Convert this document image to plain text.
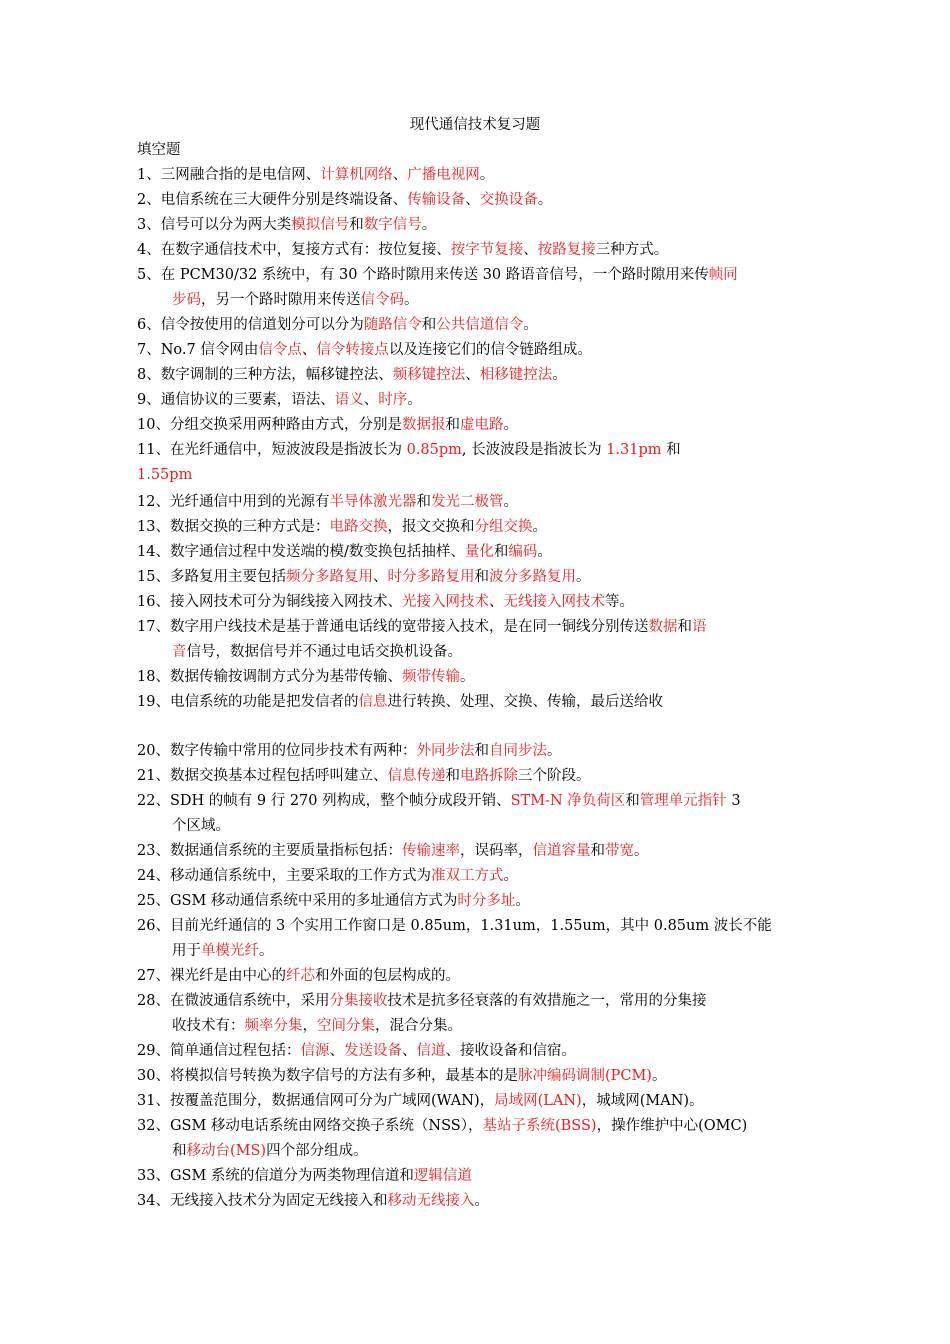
现代通信技术复习题
填空题
1、三网融合指的是电信网、计算机网络、广播电视网。
2、电信系统在三大硬件分别是终端设备、传输设备、交换设备。
3、信号可以分为两大类模拟信号和数字信号。
4、在数字通信技术中，复接方式有：按位复接、按字节复接、按路复接三种方式。
5、在 PCM30/32 系统中，有 30 个路时隙用来传送 30 路语音信号，一个路时隙用来传帧同
步码，另一个路时隙用来传送信令码。
6、信令按使用的信道划分可以分为随路信令和公共信道信令。
7、No.7 信令网由信令点、信令转接点以及连接它们的信令链路组成。
8、数字调制的三种方法，幅移键控法、频移键控法、相移键控法。
9、通信协议的三要素，语法、语义、时序。
10、分组交换采用两种路由方式，分别是数据报和虚电路。
11、在光纤通信中，短波波段是指波长为 0.85pm, 长波波段是指波长为 1.31pm 和
1.55pm
12、光纤通信中用到的光源有半导体激光器和发光二极管。
13、数据交换的三种方式是：电路交换，报文交换和分组交换。
14、数字通信过程中发送端的模/数变换包括抽样、量化和编码。
15、多路复用主要包括频分多路复用、时分多路复用和波分多路复用。
16、接入网技术可分为铜线接入网技术、光接入网技术、无线接入网技术等。
17、数字用户线技术是基于普通电话线的宽带接入技术，是在同一铜线分别传送数据和语
音信号，数据信号并不通过电话交换机设备。
18、数据传输按调制方式分为基带传输、频带传输。
19、电信系统的功能是把发信者的信息进行转换、处理、交换、传输，最后送给收
20、数字传输中常用的位同步技术有两种：外同步法和自同步法。
21、数据交换基本过程包括呼叫建立、信息传递和电路拆除三个阶段。
22、SDH 的帧有 9 行 270 列构成，整个帧分成段开销、STM-N 净负荷区和管理单元指针 3
个区域。
23、数据通信系统的主要质量指标包括：传输速率，误码率，信道容量和带宽。
24、移动通信系统中，主要采取的工作方式为准双工方式。
25、GSM 移动通信系统中采用的多址通信方式为时分多址。
26、目前光纤通信的 3 个实用工作窗口是 0.85um，1.31um，1.55um，其中 0.85um 波长不能
用于单模光纤。
27、裸光纤是由中心的纤芯和外面的包层构成的。
28、在微波通信系统中，采用分集接收技术是抗多径衰落的有效措施之一，常用的分集接
收技术有：频率分集，空间分集，混合分集。
29、简单通信过程包括：信源、发送设备、信道、接收设备和信宿。
30、将模拟信号转换为数字信号的方法有多种，最基本的是脉冲编码调制(PCM)。
31、按覆盖范围分，数据通信网可分为广域网(WAN)，局域网(LAN)，城域网(MAN)。
32、GSM 移动电话系统由网络交换子系统（NSS），基站子系统(BSS)，操作维护中心(OMC)
和移动台(MS)四个部分组成。
33、GSM 系统的信道分为两类物理信道和逻辑信道
34、无线接入技术分为固定无线接入和移动无线接入。
